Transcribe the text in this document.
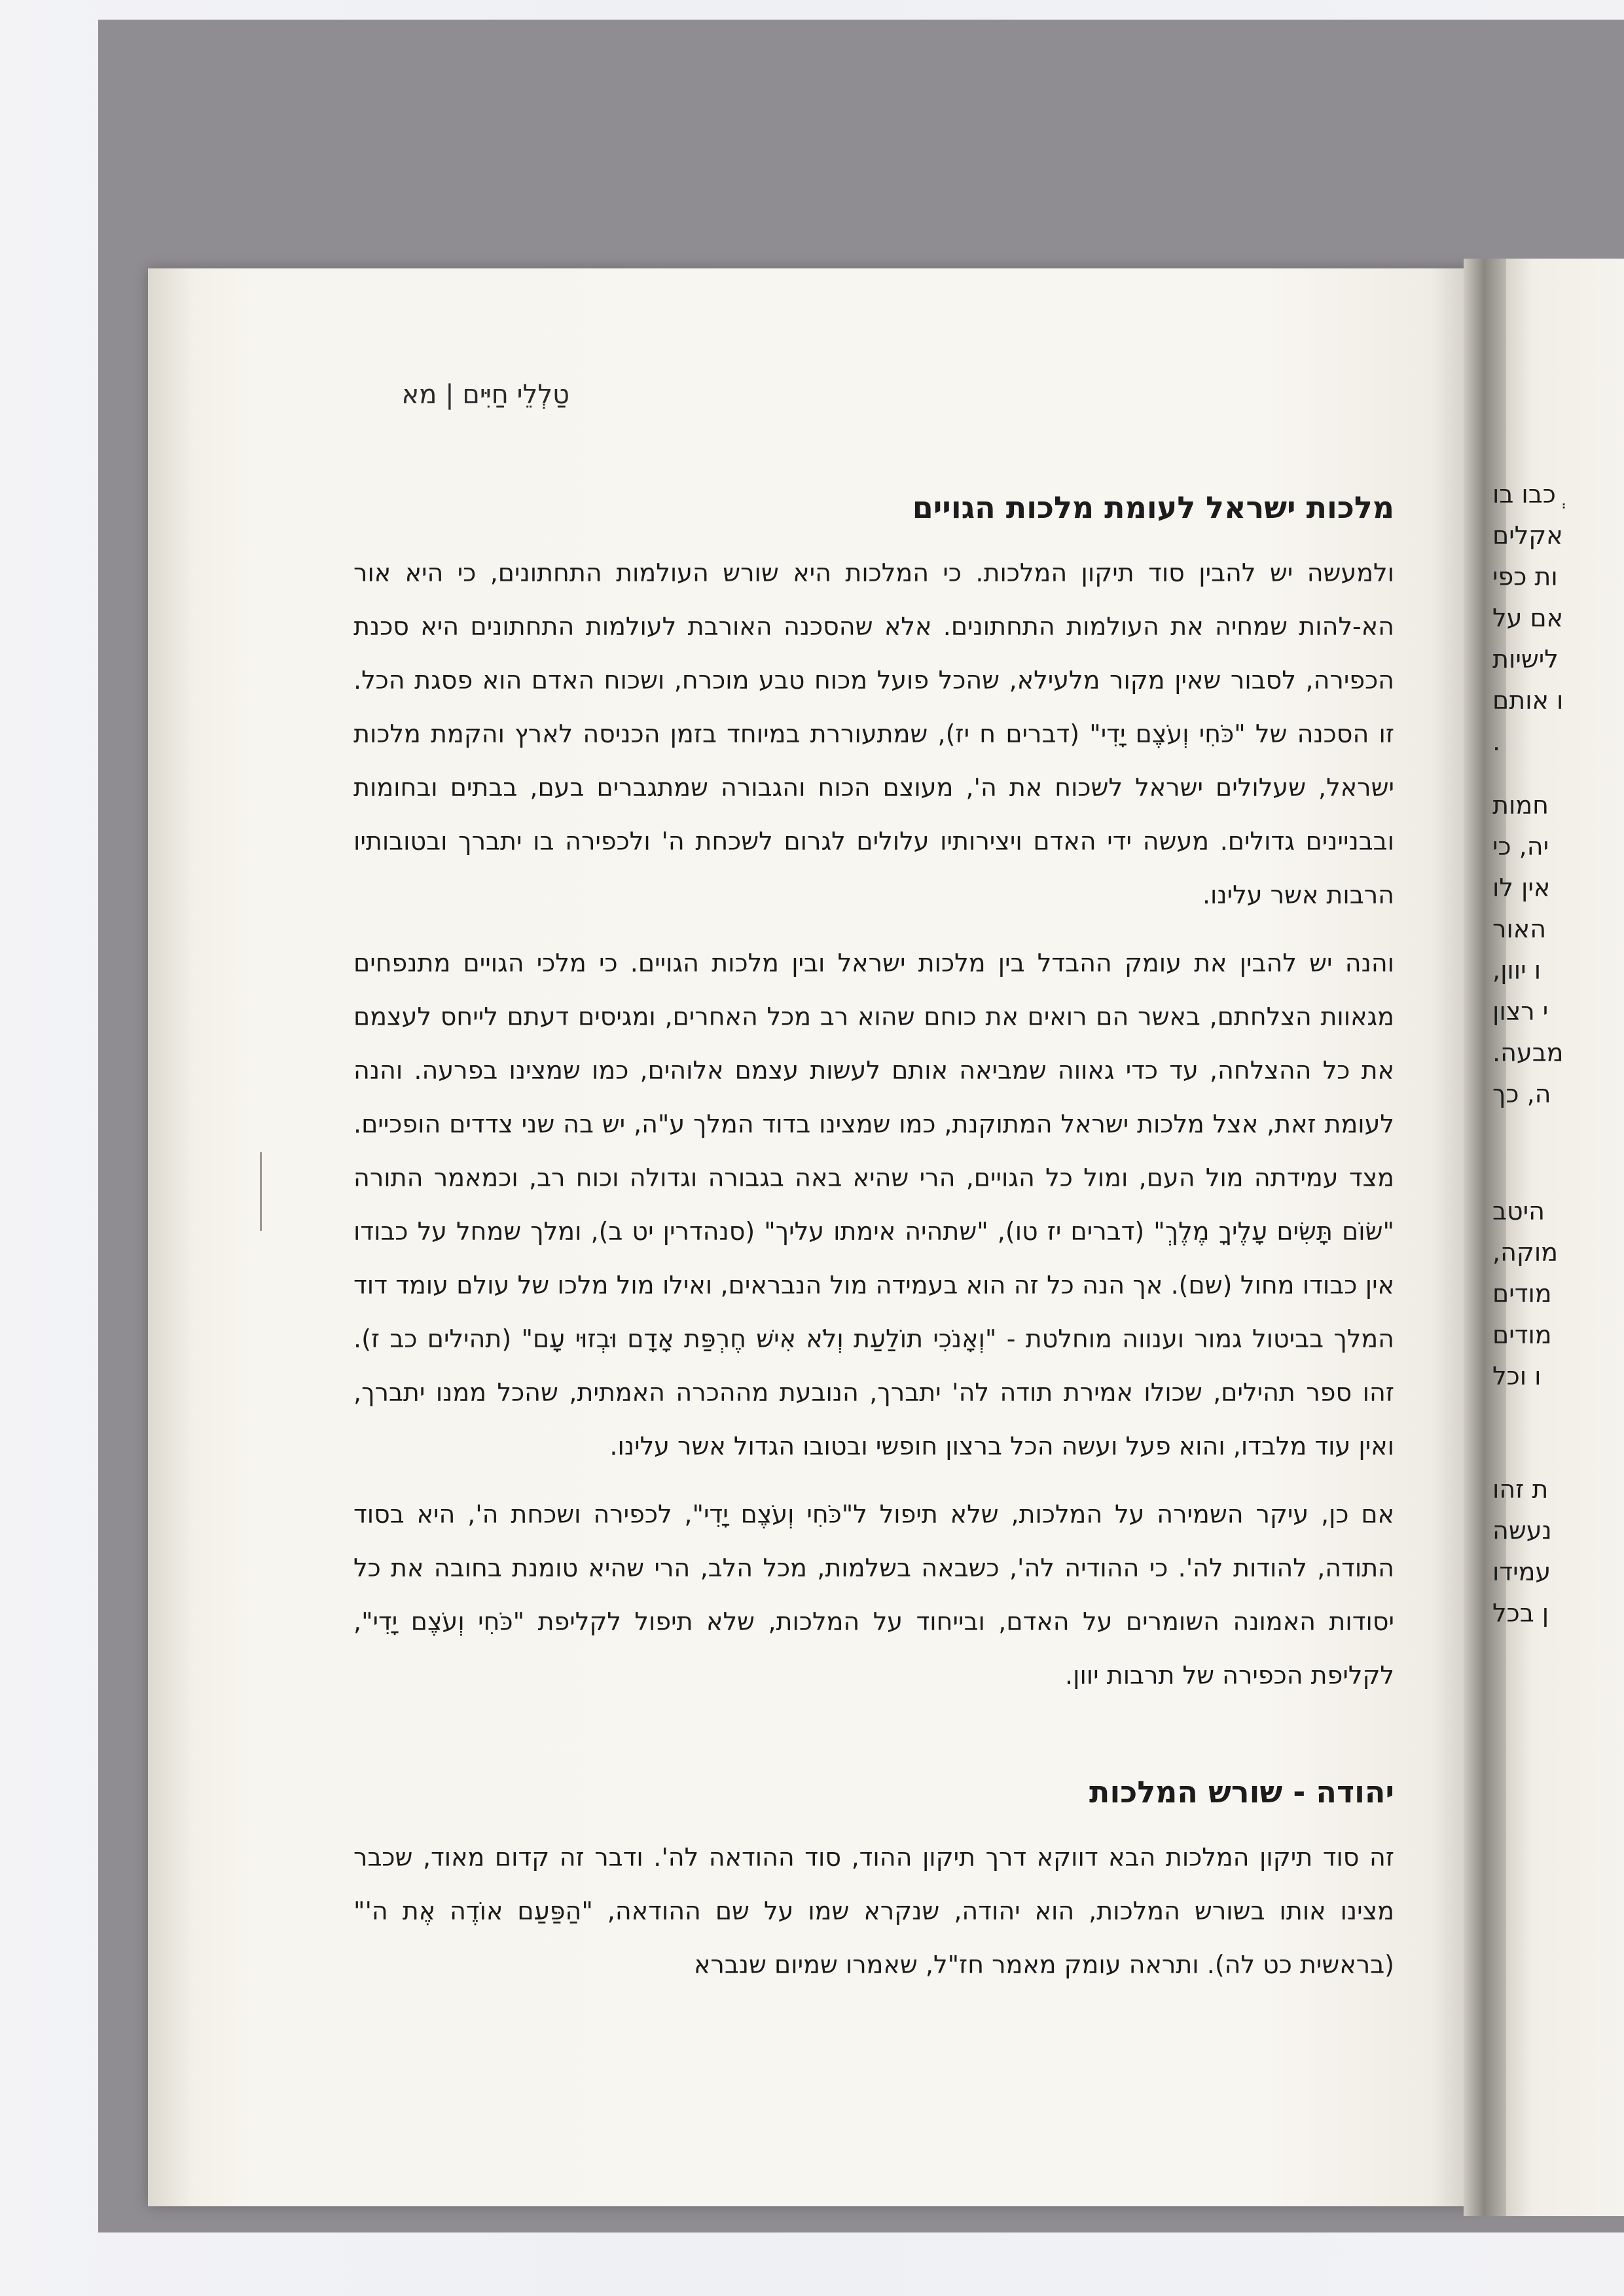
טַלְלֵי חַיִּים | מא
מלכות ישראל לעומת מלכות הגויים

ולמעשה יש להבין סוד תיקון המלכות. כי המלכות היא שורש העולמות התחתונים, כי היא אור הא-להות שמחיה את העולמות התחתונים. אלא שהסכנה האורבת לעולמות התחתונים היא סכנת הכפירה, לסבור שאין מקור מלעילא, שהכל פועל מכוח טבע מוכרח, ושכוח האדם הוא פסגת הכל. זו הסכנה של "כֹּחִי וְעֹצֶם יָדִי" (דברים ח יז), שמתעוררת במיוחד בזמן הכניסה לארץ והקמת מלכות ישראל, שעלולים ישראל לשכוח את ה', מעוצם הכוח והגבורה שמתגברים בעם, בבתים ובחומות ובבניינים גדולים. מעשה ידי האדם ויצירותיו עלולים לגרום לשכחת ה' ולכפירה בו יתברך ובטובותיו הרבות אשר עלינו.

והנה יש להבין את עומק ההבדל בין מלכות ישראל ובין מלכות הגויים. כי מלכי הגויים מתנפחים מגאוות הצלחתם, באשר הם רואים את כוחם שהוא רב מכל האחרים, ומגיסים דעתם לייחס לעצמם את כל ההצלחה, עד כדי גאווה שמביאה אותם לעשות עצמם אלוהים, כמו שמצינו בפרעה. והנה לעומת זאת, אצל מלכות ישראל המתוקנת, כמו שמצינו בדוד המלך ע"ה, יש בה שני צדדים הופכיים. מצד עמידתה מול העם, ומול כל הגויים, הרי שהיא באה בגבורה וגדולה וכוח רב, וכמאמר התורה "שׂוֹם תָּשִׂים עָלֶיךָ מֶלֶךְ" (דברים יז טו), "שתהיה אימתו עליך" (סנהדרין יט ב), ומלך שמחל על כבודו אין כבודו מחול (שם). אך הנה כל זה הוא בעמידה מול הנבראים, ואילו מול מלכו של עולם עומד דוד המלך בביטול גמור וענווה מוחלטת - "וְאָנֹכִי תוֹלַעַת וְלֹא אִישׁ חֶרְפַּת אָדָם וּבְזוּי עָם" (תהילים כב ז). זהו ספר תהילים, שכולו אמירת תודה לה' יתברך, הנובעת מההכרה האמתית, שהכל ממנו יתברך, ואין עוד מלבדו, והוא פעל ועשה הכל ברצון חופשי ובטובו הגדול אשר עלינו.

אם כן, עיקר השמירה על המלכות, שלא תיפול ל"כֹּחִי וְעֹצֶם יָדִי", לכפירה ושכחת ה', היא בסוד התודה, להודות לה'. כי ההודיה לה', כשבאה בשלמות, מכל הלב, הרי שהיא טומנת בחובה את כל יסודות האמונה השומרים על האדם, ובייחוד על המלכות, שלא תיפול לקליפת "כֹּחִי וְעֹצֶם יָדִי", לקליפת הכפירה של תרבות יוון.

יהודה - שורש המלכות

זה סוד תיקון המלכות הבא דווקא דרך תיקון ההוד, סוד ההודאה לה'. ודבר זה קדום מאוד, שכבר מצינו אותו בשורש המלכות, הוא יהודה, שנקרא שמו על שם ההודאה, "הַפַּעַם אוֹדֶה אֶת ה'" (בראשית כט לה). ותראה עומק מאמר חז"ל, שאמרו שמיום שנברא

ְכבו בו
אקלים
ות כפי
אם על
לישיות
ו אותם
.
חמות
יה, כי
אין לו
האור
ו יוון,
י רצון
מבעה.
ה, כך
היטב
מוקה,
מודים
מודים
ו וכל
ת זהו
נעשה
עמידו
ן בכל
